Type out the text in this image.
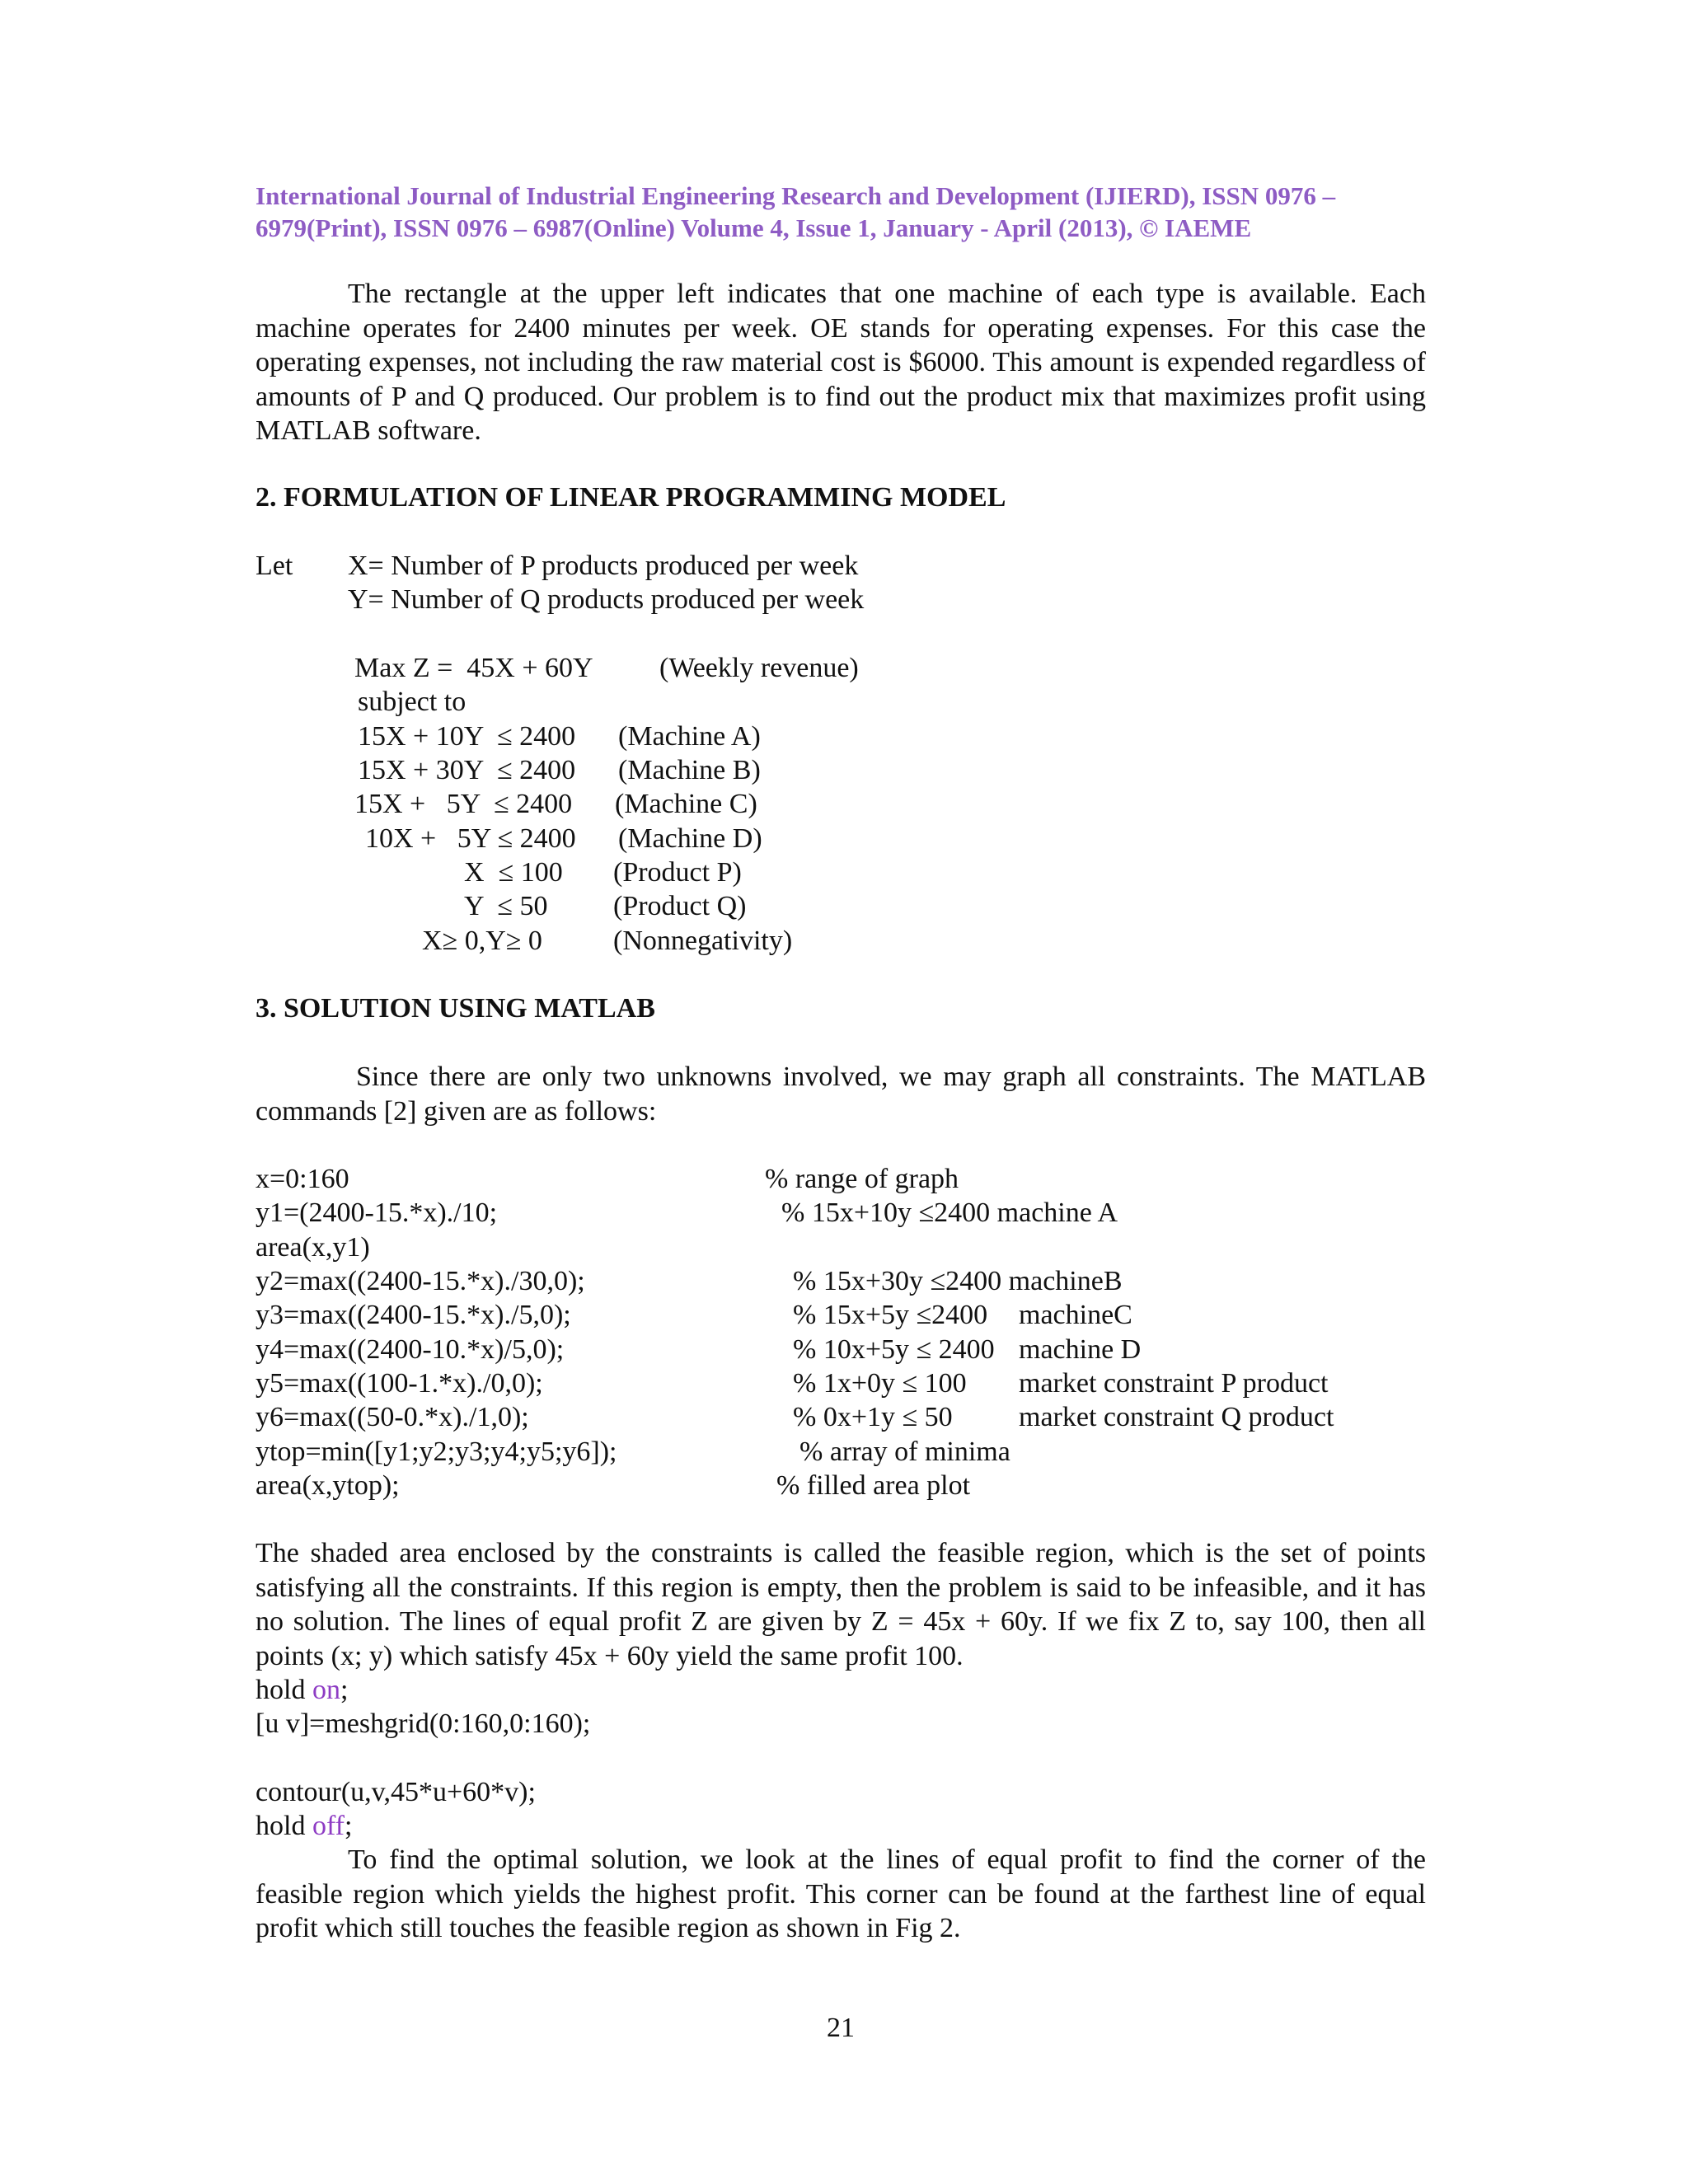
International Journal of Industrial Engineering Research and Development (IJIERD), ISSN 0976 –
6979(Print), ISSN 0976 – 6987(Online) Volume 4, Issue 1, January - April (2013), © IAEME
The rectangle at the upper left indicates that one machine of each type is available. Each machine operates for 2400 minutes per week. OE stands for operating expenses. For this case the operating expenses, not including the raw material cost is $6000. This amount is expended regardless of amounts of P and Q produced. Our problem is to find out the product mix that maximizes profit using MATLAB software.
2. FORMULATION OF LINEAR PROGRAMMING MODEL
Let X= Number of P products produced per week
Y= Number of Q products produced per week
Max Z =  45X + 60Y (Weekly revenue)
subject to
15X + 10Y  ≤ 2400 (Machine A)
15X + 30Y  ≤ 2400 (Machine B)
15X +   5Y  ≤ 2400 (Machine C)
10X +   5Y ≤ 2400 (Machine D)
X  ≤ 100 (Product P)
Y  ≤ 50 (Product Q)
X≥ 0,Y≥ 0	(Nonnegativity)
3. SOLUTION USING MATLAB
Since there are only two unknowns involved, we may graph all constraints. The MATLAB commands [2] given are as follows:
x=0:160	% range of graph
y1=(2400-15.*x)./10;	% 15x+10y ≤2400 machine A
area(x,y1)
y2=max((2400-15.*x)./30,0);	% 15x+30y ≤2400 machineB
y3=max((2400-15.*x)./5,0);	% 15x+5y ≤2400 machineC
y4=max((2400-10.*x)/5,0);	% 10x+5y ≤ 2400 machine D
y5=max((100-1.*x)./0,0);	% 1x+0y ≤ 100 market constraint P product
y6=max((50-0.*x)./1,0);	% 0x+1y ≤ 50 market constraint Q product
ytop=min([y1;y2;y3;y4;y5;y6]);	% array of minima
area(x,ytop);	% filled area plot
The shaded area enclosed by the constraints is called the feasible region, which is the set of points satisfying all the constraints. If this region is empty, then the problem is said to be infeasible, and it has no solution. The lines of equal profit Z are given by Z = 45x + 60y. If we fix Z to, say 100, then all points (x; y) which satisfy 45x + 60y yield the same profit 100.
hold on;
[u v]=meshgrid(0:160,0:160);
contour(u,v,45*u+60*v);
hold off;
To find the optimal solution, we look at the lines of equal profit to find the corner of the feasible region which yields the highest profit. This corner can be found at the farthest line of equal profit which still touches the feasible region as shown in Fig 2.
21
